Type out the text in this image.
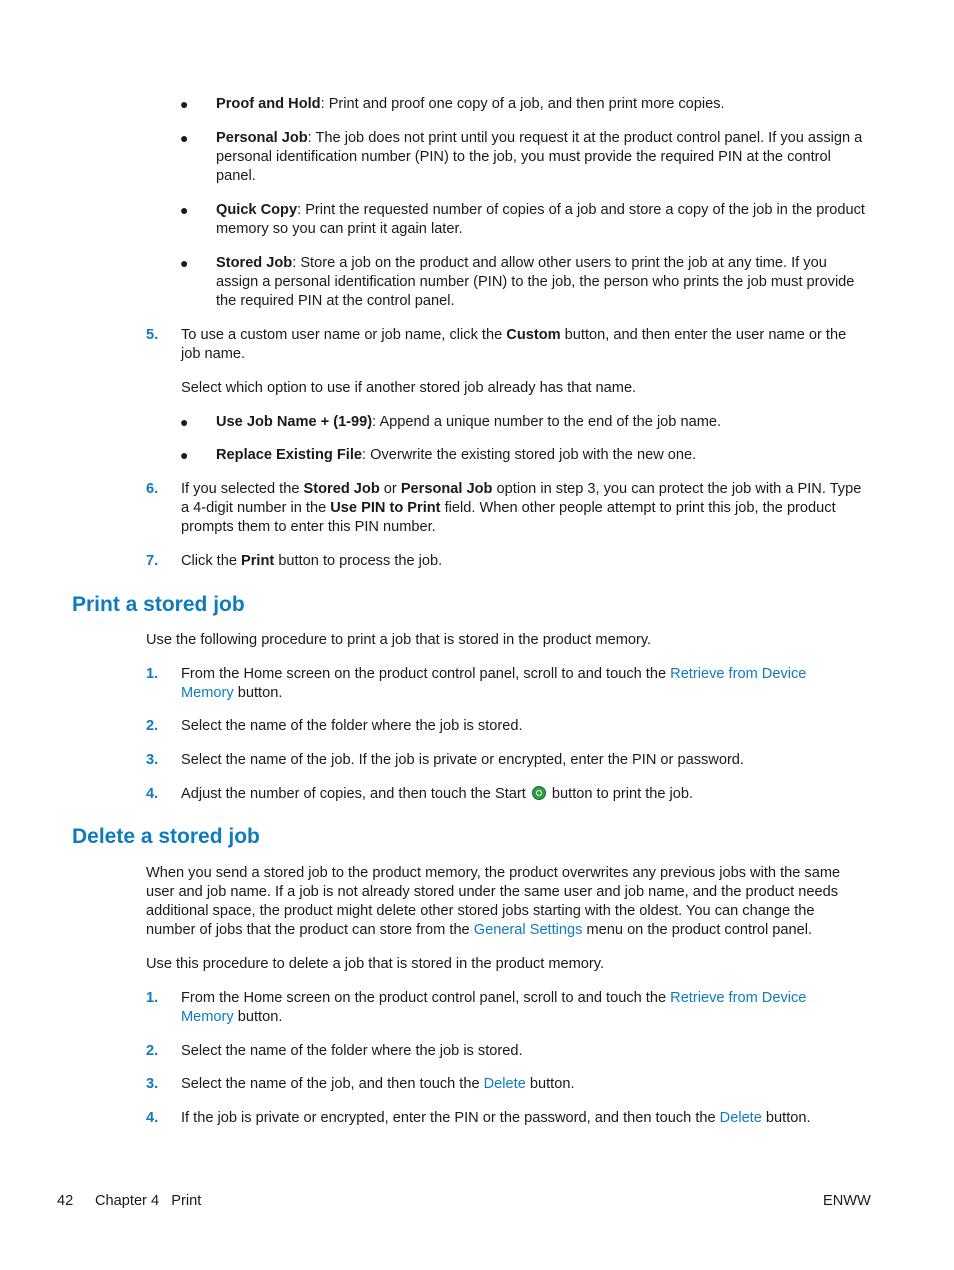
● Proof and Hold: Print and proof one copy of a job, and then print more copies.
● Personal Job: The job does not print until you request it at the product control panel. If you assign a personal identification number (PIN) to the job, you must provide the required PIN at the control panel.
● Quick Copy: Print the requested number of copies of a job and store a copy of the job in the product memory so you can print it again later.
● Stored Job: Store a job on the product and allow other users to print the job at any time. If you assign a personal identification number (PIN) to the job, the person who prints the job must provide the required PIN at the control panel.
5. To use a custom user name or job name, click the Custom button, and then enter the user name or the job name.
Select which option to use if another stored job already has that name.
● Use Job Name + (1-99): Append a unique number to the end of the job name.
● Replace Existing File: Overwrite the existing stored job with the new one.
6. If you selected the Stored Job or Personal Job option in step 3, you can protect the job with a PIN. Type a 4-digit number in the Use PIN to Print field. When other people attempt to print this job, the product prompts them to enter this PIN number.
7. Click the Print button to process the job.
Print a stored job
Use the following procedure to print a job that is stored in the product memory.
1. From the Home screen on the product control panel, scroll to and touch the Retrieve from Device Memory button.
2. Select the name of the folder where the job is stored.
3. Select the name of the job. If the job is private or encrypted, enter the PIN or password.
4. Adjust the number of copies, and then touch the Start  button to print the job.
Delete a stored job
When you send a stored job to the product memory, the product overwrites any previous jobs with the same user and job name. If a job is not already stored under the same user and job name, and the product needs additional space, the product might delete other stored jobs starting with the oldest. You can change the number of jobs that the product can store from the General Settings menu on the product control panel.
Use this procedure to delete a job that is stored in the product memory.
1. From the Home screen on the product control panel, scroll to and touch the Retrieve from Device Memory button.
2. Select the name of the folder where the job is stored.
3. Select the name of the job, and then touch the Delete button.
4. If the job is private or encrypted, enter the PIN or the password, and then touch the Delete button.
42 Chapter 4   Print	ENWW
